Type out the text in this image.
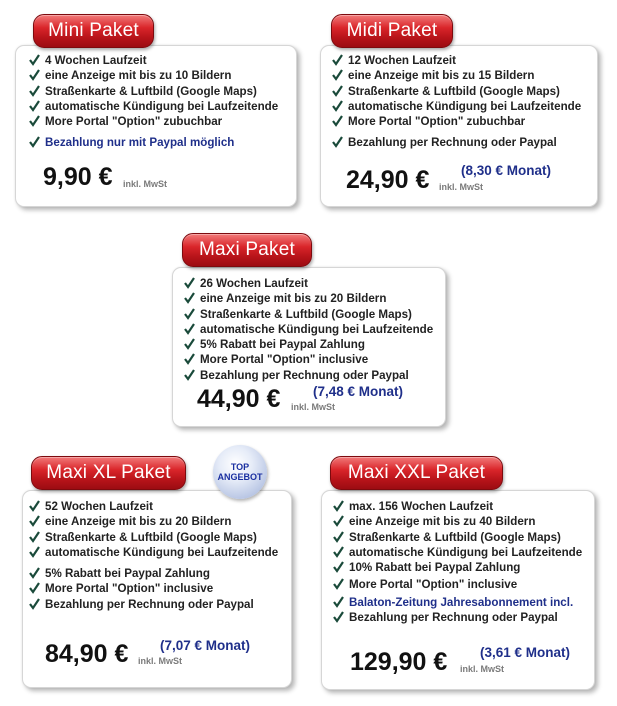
Mini Paket
4 Wochen Laufzeit
eine Anzeige mit bis zu 10 Bildern
Straßenkarte & Luftbild (Google Maps)
automatische Kündigung bei Laufzeitende
More Portal "Option" zubuchbar
Bezahlung nur mit Paypal möglich
9,90 € inkl. MwSt
Midi Paket
12 Wochen Laufzeit
eine Anzeige mit bis zu 15 Bildern
Straßenkarte & Luftbild (Google Maps)
automatische Kündigung bei Laufzeitende
More Portal "Option" zubuchbar
Bezahlung per Rechnung oder Paypal
24,90 € inkl. MwSt
(8,30 € Monat)
Maxi Paket
26 Wochen Laufzeit
eine Anzeige mit bis zu 20 Bildern
Straßenkarte & Luftbild (Google Maps)
automatische Kündigung bei Laufzeitende
5% Rabatt bei Paypal Zahlung
More Portal "Option" inclusive
Bezahlung per Rechnung oder Paypal
44,90 € inkl. MwSt
(7,48 € Monat)
Maxi XL Paket	TOP
ANGEBOT
52 Wochen Laufzeit
eine Anzeige mit bis zu 20 Bildern
Straßenkarte & Luftbild (Google Maps)
automatische Kündigung bei Laufzeitende
5% Rabatt bei Paypal Zahlung
More Portal "Option" inclusive
Bezahlung per Rechnung oder Paypal
84,90 € inkl. MwSt
(7,07 € Monat)
Maxi XXL Paket
max. 156 Wochen Laufzeit
eine Anzeige mit bis zu 40 Bildern
Straßenkarte & Luftbild (Google Maps)
automatische Kündigung bei Laufzeitende
10% Rabatt bei Paypal Zahlung
More Portal "Option" inclusive
Balaton-Zeitung Jahresabonnement incl.
Bezahlung per Rechnung oder Paypal
129,90 € inkl. MwSt
(3,61 € Monat)
